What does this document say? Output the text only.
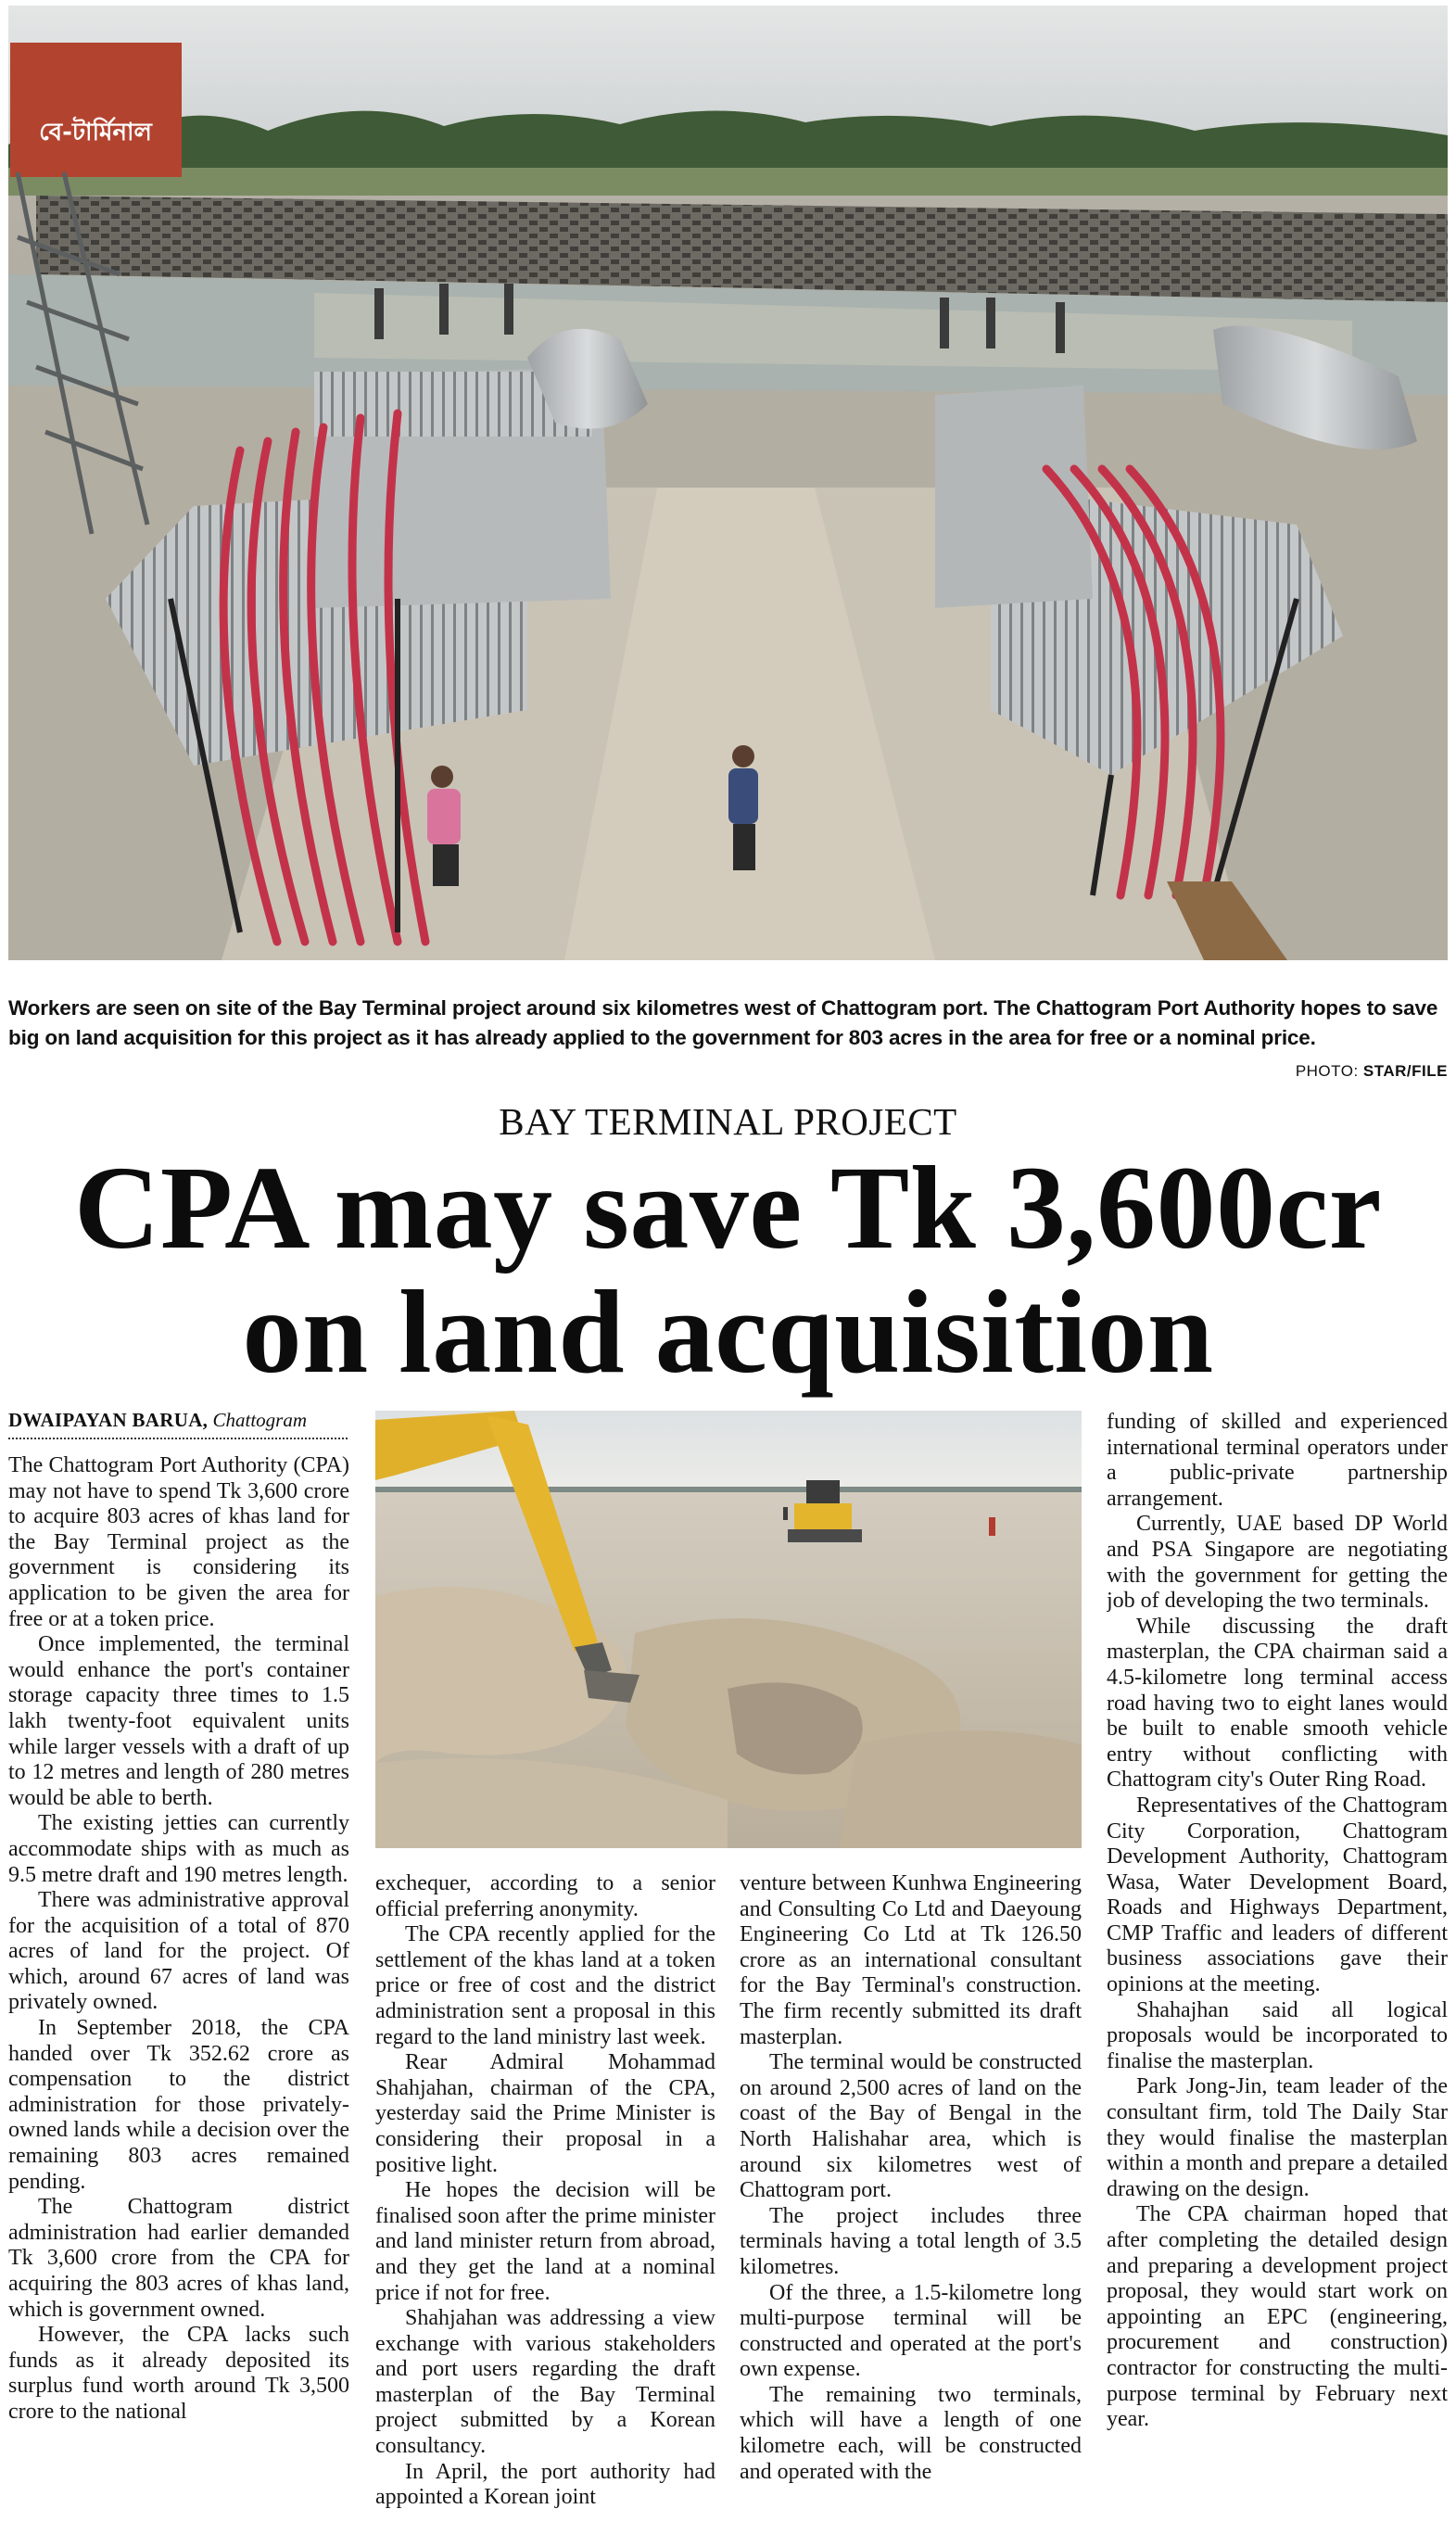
বে-টার্মিনাল
Workers are seen on site of the Bay Terminal project around six kilometres west of Chattogram port. The Chattogram Port Authority hopes to save big on land acquisition for this project as it has already applied to the government for 803 acres in the area for free or a nominal price.
PHOTO: STAR/FILE
BAY TERMINAL PROJECT
CPA may save Tk 3,600cr
on land acquisition
DWAIPAYAN BARUA, Chattogram

The Chattogram Port Authority (CPA) may not have to spend Tk 3,600 crore to acquire 803 acres of khas land for the Bay Terminal project as the government is considering its application to be given the area for free or at a token price.

Once implemented, the terminal would enhance the port's container storage capacity three times to 1.5 lakh twenty-foot equivalent units while larger vessels with a draft of up to 12 metres and length of 280 metres would be able to berth.

The existing jetties can currently accommodate ships with as much as 9.5 metre draft and 190 metres length.

There was administrative approval for the acquisition of a total of 870 acres of land for the project. Of which, around 67 acres of land was privately owned.

In September 2018, the CPA handed over Tk 352.62 crore as compensation to the district administration for those privately-owned lands while a decision over the remaining 803 acres remained pending.

The Chattogram district administration had earlier demanded Tk 3,600 crore from the CPA for acquiring the 803 acres of khas land, which is government owned.

However, the CPA lacks such funds as it already deposited its surplus fund worth around Tk 3,500 crore to the national

exchequer, according to a senior official preferring anonymity.

The CPA recently applied for the settlement of the khas land at a token price or free of cost and the district administration sent a proposal in this regard to the land ministry last week.

Rear Admiral Mohammad Shahjahan, chairman of the CPA, yesterday said the Prime Minister is considering their proposal in a positive light.

He hopes the decision will be finalised soon after the prime minister and land minister return from abroad, and they get the land at a nominal price if not for free.

Shahjahan was addressing a view exchange with various stakeholders and port users regarding the draft masterplan of the Bay Terminal project submitted by a Korean consultancy.

In April, the port authority had appointed a Korean joint

venture between Kunhwa Engineering and Consulting Co Ltd and Daeyoung Engineering Co Ltd at Tk 126.50 crore as an international consultant for the Bay Terminal's construction. The firm recently submitted its draft masterplan.

The terminal would be constructed on around 2,500 acres of land on the coast of the Bay of Bengal in the North Halishahar area, which is around six kilometres west of Chattogram port.

The project includes three terminals having a total length of 3.5 kilometres.

Of the three, a 1.5-kilometre long multi-purpose terminal will be constructed and operated at the port's own expense.

The remaining two terminals, which will have a length of one kilometre each, will be constructed and operated with the

funding of skilled and experienced international terminal operators under a public-private partnership arrangement.

Currently, UAE based DP World and PSA Singapore are negotiating with the government for getting the job of developing the two terminals.

While discussing the draft masterplan, the CPA chairman said a 4.5-kilometre long terminal access road having two to eight lanes would be built to enable smooth vehicle entry without conflicting with Chattogram city's Outer Ring Road.

Representatives of the Chattogram City Corporation, Chattogram Development Authority, Chattogram Wasa, Water Development Board, Roads and Highways Department, CMP Traffic and leaders of different business associations gave their opinions at the meeting.

Shahajhan said all logical proposals would be incorporated to finalise the masterplan.

Park Jong-Jin, team leader of the consultant firm, told The Daily Star they would finalise the masterplan within a month and prepare a detailed drawing on the design.

The CPA chairman hoped that after completing the detailed design and preparing a development project proposal, they would start work on appointing an EPC (engineering, procurement and construction) contractor for constructing the multi-purpose terminal by February next year.
